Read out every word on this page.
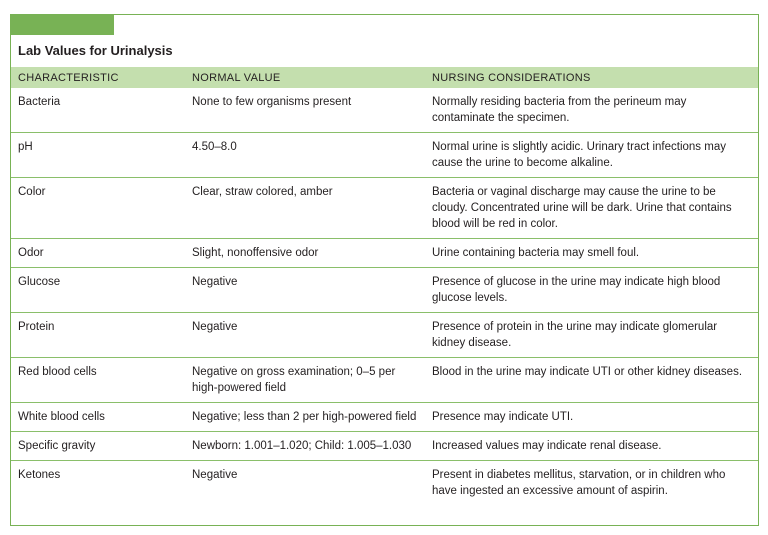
Lab Values for Urinalysis
CHARACTERISTIC	NORMAL VALUE	NURSING CONSIDERATIONS
Bacteria	None to few organisms present	Normally residing bacteria from the perineum may contaminate the specimen.
pH	4.50–8.0	Normal urine is slightly acidic. Urinary tract infections may cause the urine to become alkaline.
Color	Clear, straw colored, amber	Bacteria or vaginal discharge may cause the urine to be cloudy. Concentrated urine will be dark. Urine that contains blood will be red in color.
Odor	Slight, nonoffensive odor	Urine containing bacteria may smell foul.
Glucose	Negative	Presence of glucose in the urine may indicate high blood glucose levels.
Protein	Negative	Presence of protein in the urine may indicate glomerular kidney disease.
Red blood cells	Negative on gross examination; 0–5 per high-powered field	Blood in the urine may indicate UTI or other kidney diseases.
White blood cells	Negative; less than 2 per high-powered field	Presence may indicate UTI.
Specific gravity	Newborn: 1.001–1.020; Child: 1.005–1.030	Increased values may indicate renal disease.
Ketones	Negative	Present in diabetes mellitus, starvation, or in children who have ingested an excessive amount of aspirin.
